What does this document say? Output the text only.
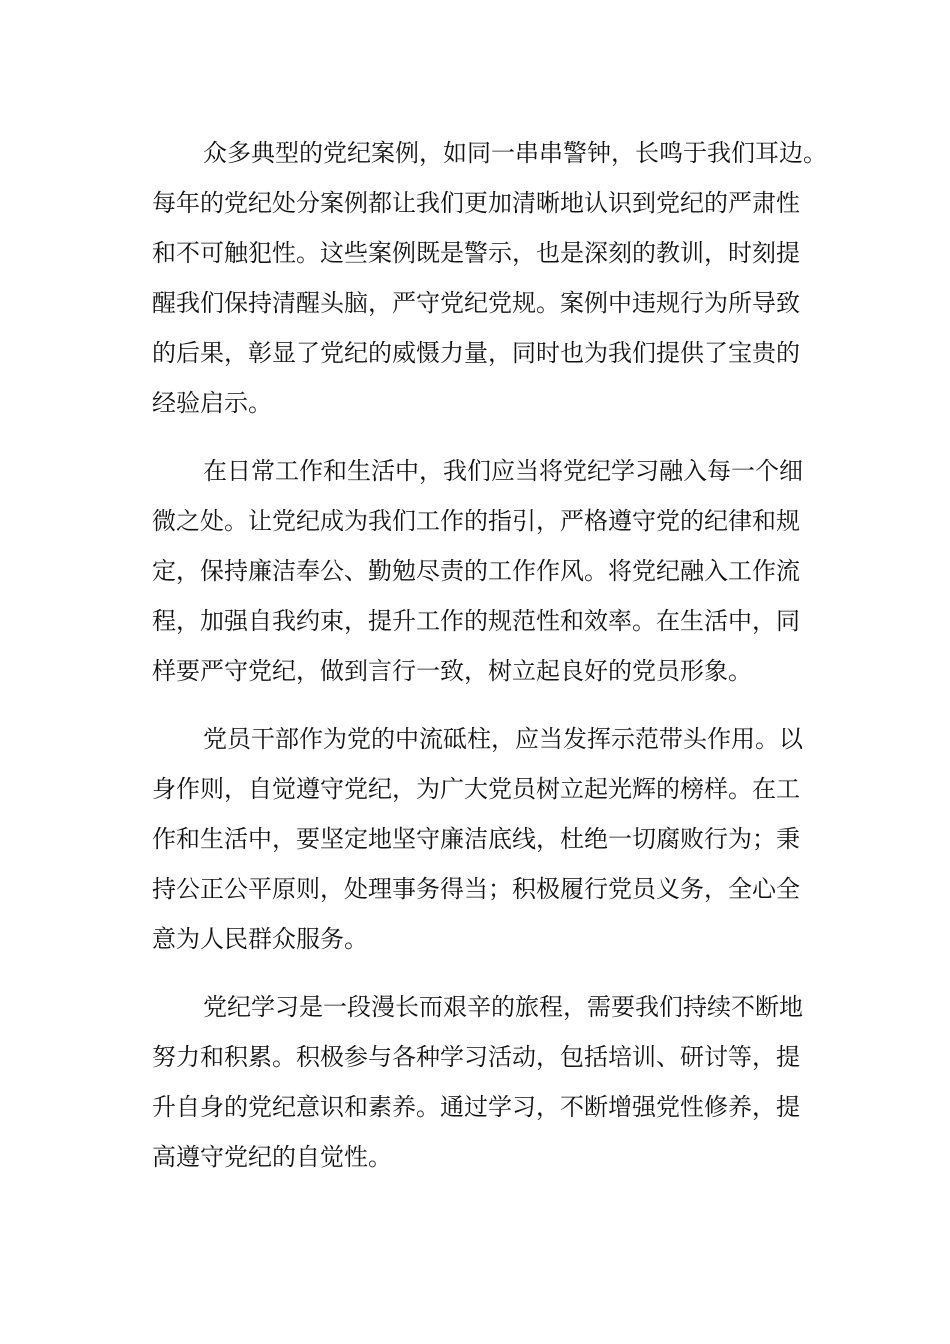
众多典型的党纪案例，如同一串串警钟，长鸣于我们耳边。
每年的党纪处分案例都让我们更加清晰地认识到党纪的严肃性
和不可触犯性。这些案例既是警示，也是深刻的教训，时刻提
醒我们保持清醒头脑，严守党纪党规。案例中违规行为所导致
的后果，彰显了党纪的威慑力量，同时也为我们提供了宝贵的
经验启示。
在日常工作和生活中，我们应当将党纪学习融入每一个细
微之处。让党纪成为我们工作的指引，严格遵守党的纪律和规
定，保持廉洁奉公、勤勉尽责的工作作风。将党纪融入工作流
程，加强自我约束，提升工作的规范性和效率。在生活中，同
样要严守党纪，做到言行一致，树立起良好的党员形象。
党员干部作为党的中流砥柱，应当发挥示范带头作用。以
身作则，自觉遵守党纪，为广大党员树立起光辉的榜样。在工
作和生活中，要坚定地坚守廉洁底线，杜绝一切腐败行为；秉
持公正公平原则，处理事务得当；积极履行党员义务，全心全
意为人民群众服务。
党纪学习是一段漫长而艰辛的旅程，需要我们持续不断地
努力和积累。积极参与各种学习活动，包括培训、研讨等，提
升自身的党纪意识和素养。通过学习，不断增强党性修养，提
高遵守党纪的自觉性。
